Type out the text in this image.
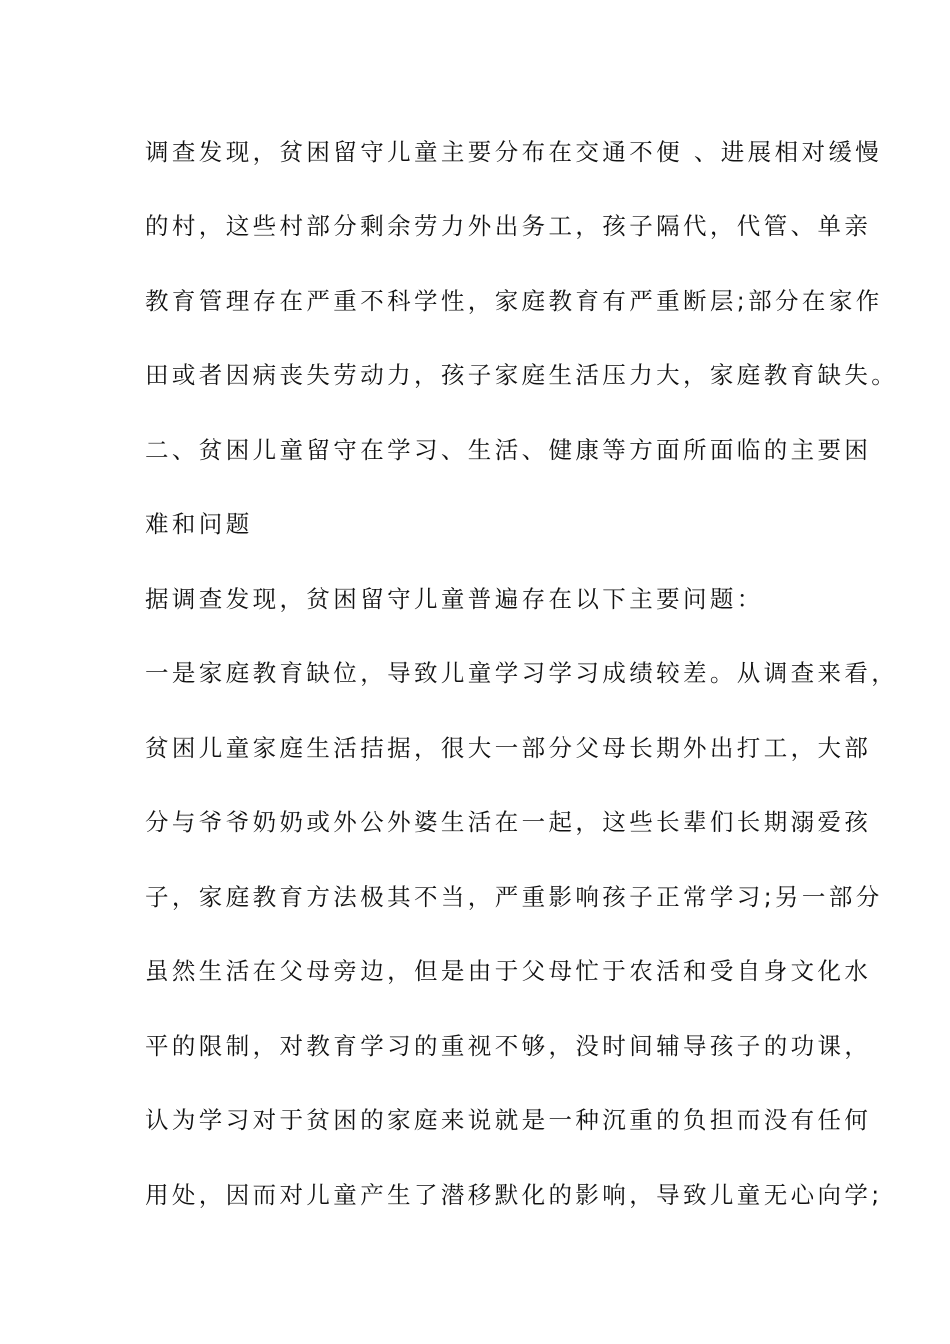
调查发现，贫困留守儿童主要分布在交通不便 、进展相对缓慢
的村，这些村部分剩余劳力外出务工，孩子隔代，代管、单亲
教育管理存在严重不科学性，家庭教育有严重断层;部分在家作
田或者因病丧失劳动力，孩子家庭生活压力大，家庭教育缺失。
二、贫困儿童留守在学习、生活、健康等方面所面临的主要困
难和问题
据调查发现，贫困留守儿童普遍存在以下主要问题：
一是家庭教育缺位，导致儿童学习学习成绩较差。从调查来看，
贫困儿童家庭生活拮据，很大一部分父母长期外出打工，大部
分与爷爷奶奶或外公外婆生活在一起，这些长辈们长期溺爱孩
子，家庭教育方法极其不当，严重影响孩子正常学习;另一部分
虽然生活在父母旁边，但是由于父母忙于农活和受自身文化水
平的限制，对教育学习的重视不够，没时间辅导孩子的功课，
认为学习对于贫困的家庭来说就是一种沉重的负担而没有任何
用处，因而对儿童产生了潜移默化的影响，导致儿童无心向学;
